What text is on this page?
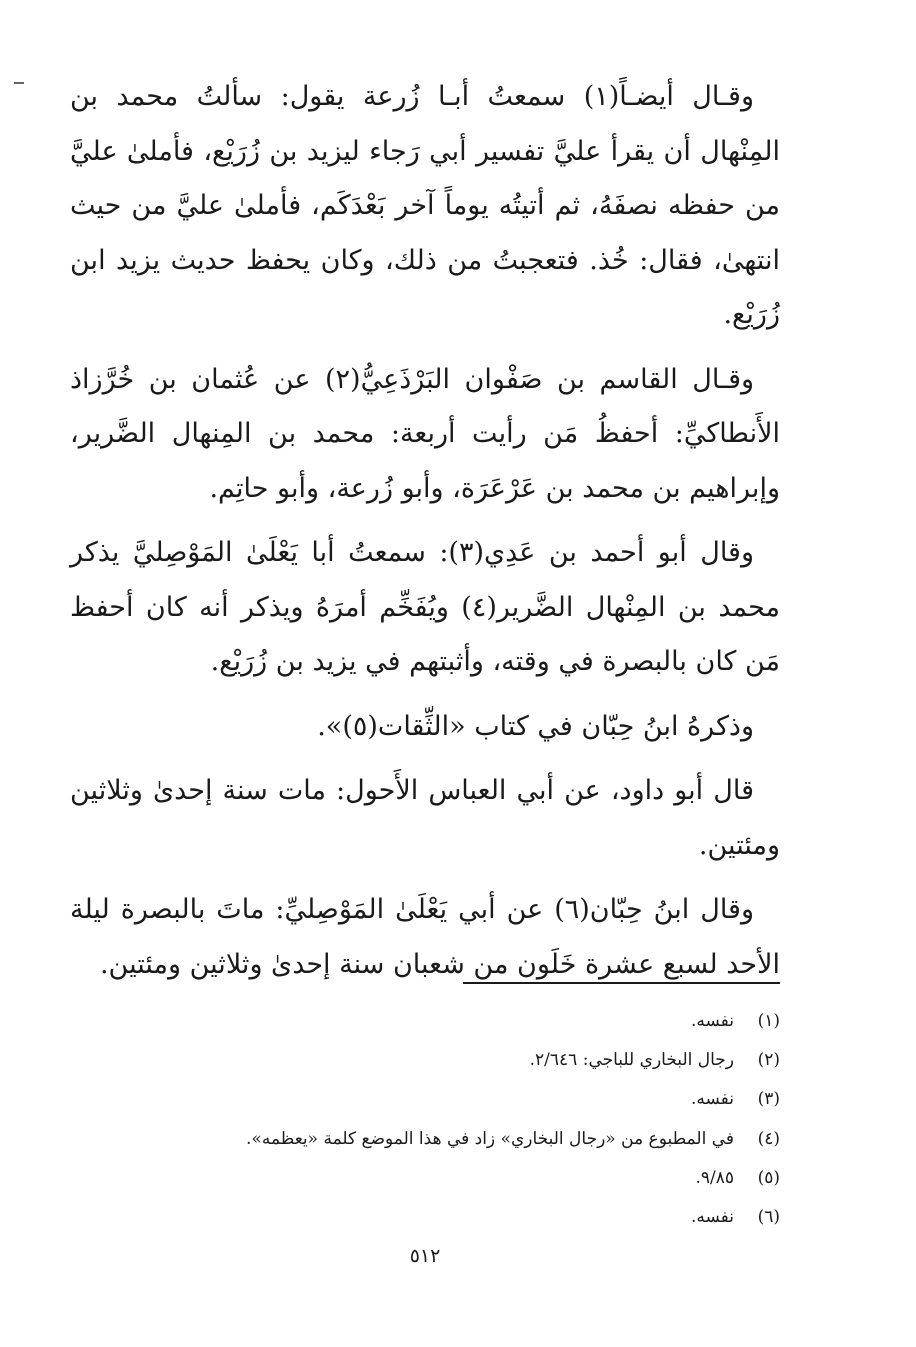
وقـال أيضـاً(١) سمعتُ أبـا زُرعة يقول: سألتُ محمد بن المِنْهال أن يقرأ عليَّ تفسير أبي رَجاء ليزيد بن زُرَيْع، فأملىٰ عليَّ من حفظه نصفَهُ، ثم أتيتُه يوماً آخر بَعْدَكَم، فأملىٰ عليَّ من حيث انتهىٰ، فقال: خُذ. فتعجبتُ من ذلك، وكان يحفظ حديث يزيد ابن زُرَيْع.

وقـال القاسم بن صَفْوان البَرْذَعِيُّ(٢) عن عُثمان بن خُرَّزاذ الأَنطاكيِّ: أحفظُ مَن رأيت أربعة: محمد بن المِنهال الضَّرير، وإبراهيم بن محمد بن عَرْعَرَة، وأبو زُرعة، وأبو حاتِم.

وقال أبو أحمد بن عَدِي(٣): سمعتُ أبا يَعْلَىٰ المَوْصِليَّ يذكر محمد بن المِنْهال الضَّرير(٤) ويُفَخِّم أمرَهُ ويذكر أنه كان أحفظ مَن كان بالبصرة في وقته، وأثبتهم في يزيد بن زُرَيْع.

وذكرهُ ابنُ حِبّان في كتاب «الثِّقات(٥)».

قال أبو داود، عن أبي العباس الأَحول: مات سنة إحدىٰ وثلاثين ومئتين.

وقال ابنُ حِبّان(٦) عن أبي يَعْلَىٰ المَوْصِليِّ: ماتَ بالبصرة ليلة الأحد لسبع عشرة خَلَون من شعبان سنة إحدىٰ وثلاثين ومئتين.

(١)
نفسه.
(٢)
رجال البخاري للباجي: ٢/٦٤٦.
(٣)
نفسه.
(٤)
في المطبوع من «رجال البخاري» زاد في هذا الموضع كلمة «يعظمه».
(٥)
٩/٨٥.
(٦)
نفسه.
٥١٢
